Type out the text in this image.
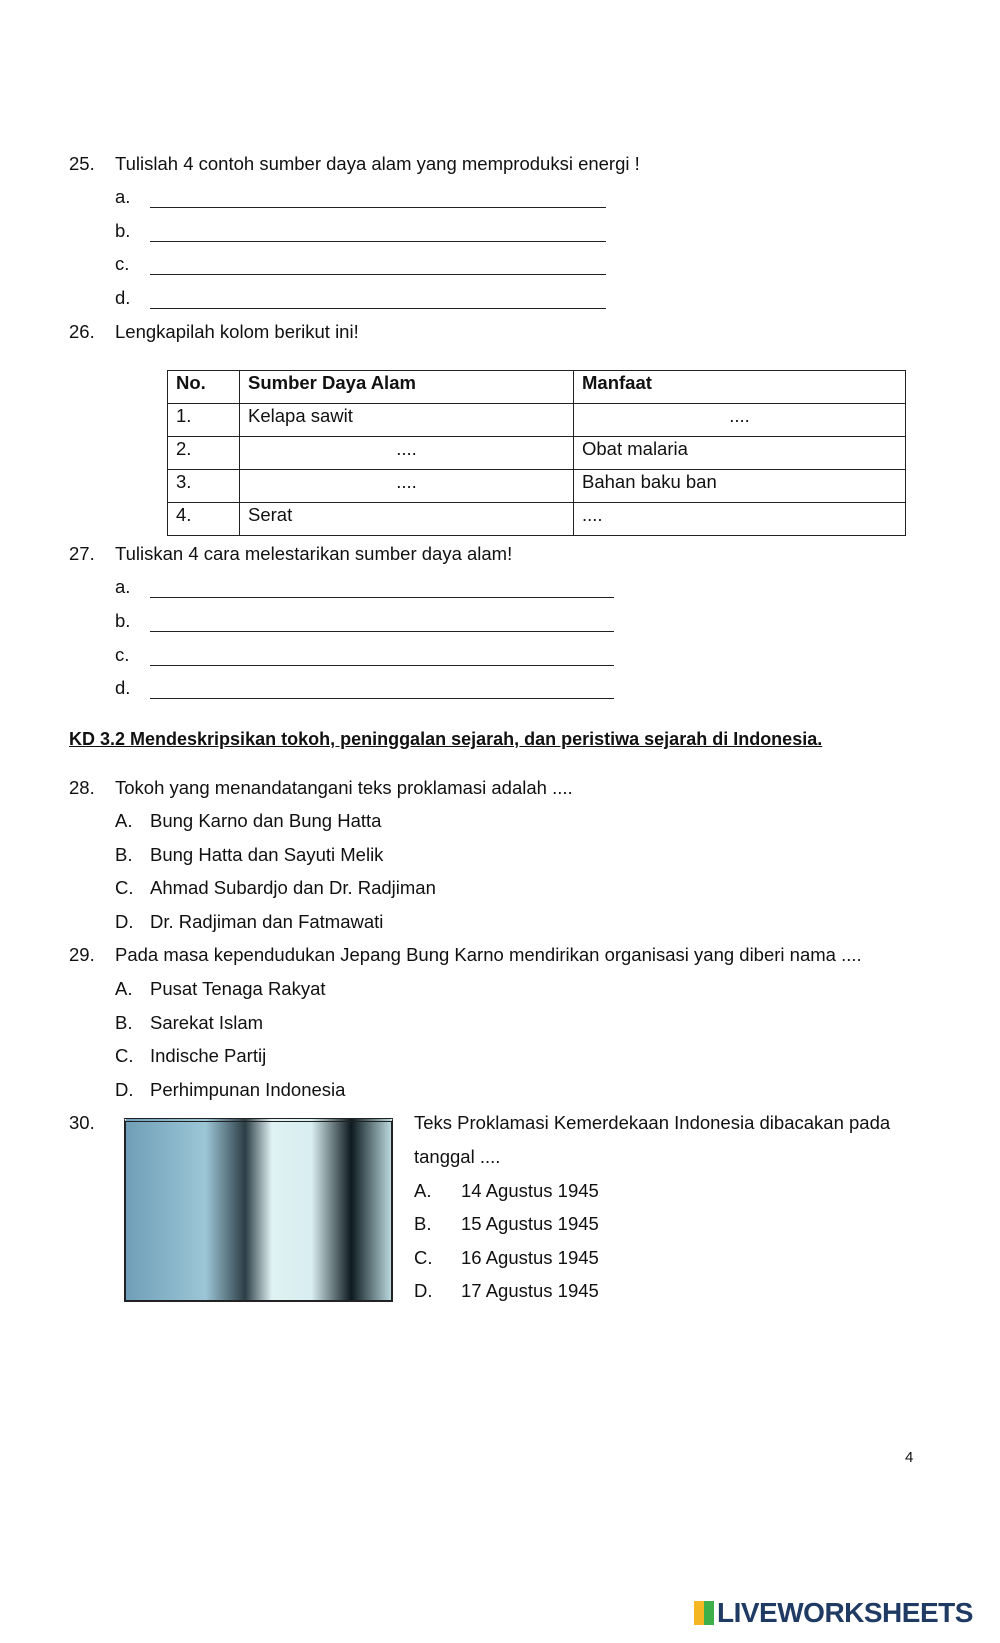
25. Tulislah 4 contoh sumber daya alam yang memproduksi energi !
a.
b.
c.
d.
26. Lengkapilah kolom berikut ini!
No.	Sumber Daya Alam	Manfaat
1.	Kelapa sawit	....
2.	....	Obat malaria
3.	....	Bahan baku ban
4.	Serat	....
27. Tuliskan 4 cara melestarikan sumber daya alam!
a.
b.
c.
d.
KD 3.2 Mendeskripsikan tokoh, peninggalan sejarah, dan peristiwa sejarah di Indonesia.
28. Tokoh yang menandatangani teks proklamasi adalah ....
A. Bung Karno dan Bung Hatta
B. Bung Hatta dan Sayuti Melik
C. Ahmad Subardjo dan Dr. Radjiman
D. Dr. Radjiman dan Fatmawati
29. Pada masa kependudukan Jepang Bung Karno mendirikan organisasi yang diberi nama ....
A. Pusat Tenaga Rakyat
B. Sarekat Islam
C. Indische Partij
D. Perhimpunan Indonesia
30.	Teks Proklamasi Kemerdekaan Indonesia dibacakan pada
tanggal ....
A. 14 Agustus 1945
B. 15 Agustus 1945
C. 16 Agustus 1945
D. 17 Agustus 1945
4
LIVEWORKSHEETS
